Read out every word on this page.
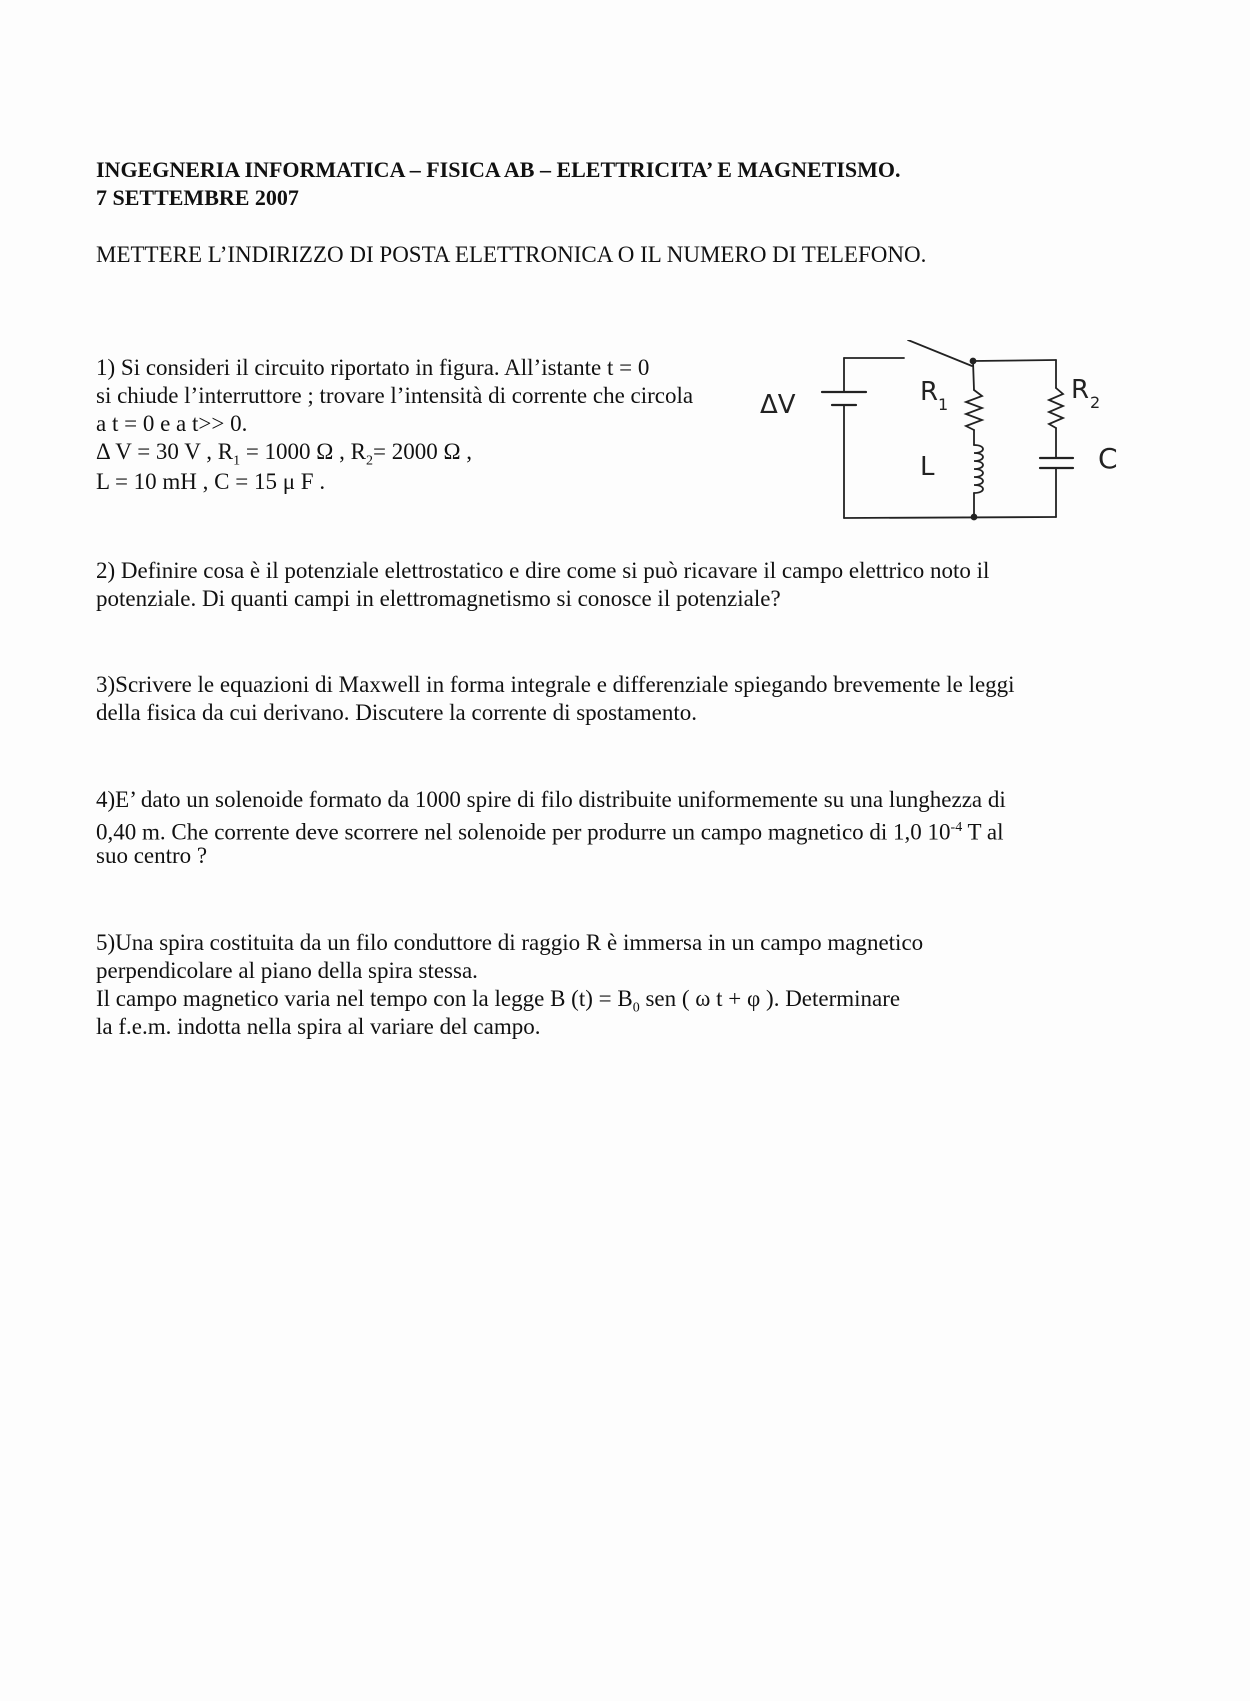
INGEGNERIA INFORMATICA – FISICA AB – ELETTRICITA’ E MAGNETISMO.
7 SETTEMBRE 2007
METTERE L’INDIRIZZO DI POSTA ELETTRONICA O IL NUMERO DI TELEFONO.
1) Si consideri il circuito riportato in figura. All’istante t = 0
si chiude l’interruttore ; trovare l’intensità di corrente che circola
a t = 0 e a t>> 0.
Δ V = 30 V , $R_1 = 1000$ Ω , $R_2= 2000$ Ω ,
L = 10 mH , C = 15 μ F .
ΔV	R 1
L
R 2
C
2) Definire cosa è il potenziale elettrostatico e dire come si può ricavare il campo elettrico noto il
potenziale. Di quanti campi in elettromagnetismo si conosce il potenziale?
3)Scrivere le equazioni di Maxwell in forma integrale e differenziale spiegando brevemente le leggi
della fisica da cui derivano. Discutere la corrente di spostamento.
4)E’ dato un solenoide formato da 1000 spire di filo distribuite uniformemente su una lunghezza di
0,40 m. Che corrente deve scorrere nel solenoide per produrre un campo magnetico di 1,0 $10^{-4}$ T al
suo centro ?
5)Una spira costituita da un filo conduttore di raggio R è immersa in un campo magnetico
perpendicolare al piano della spira stessa.
Il campo magnetico varia nel tempo con la legge B $(t) = B_0$ sen ( ω t + φ ). Determinare
la f.e.m. indotta nella spira al variare del campo.
